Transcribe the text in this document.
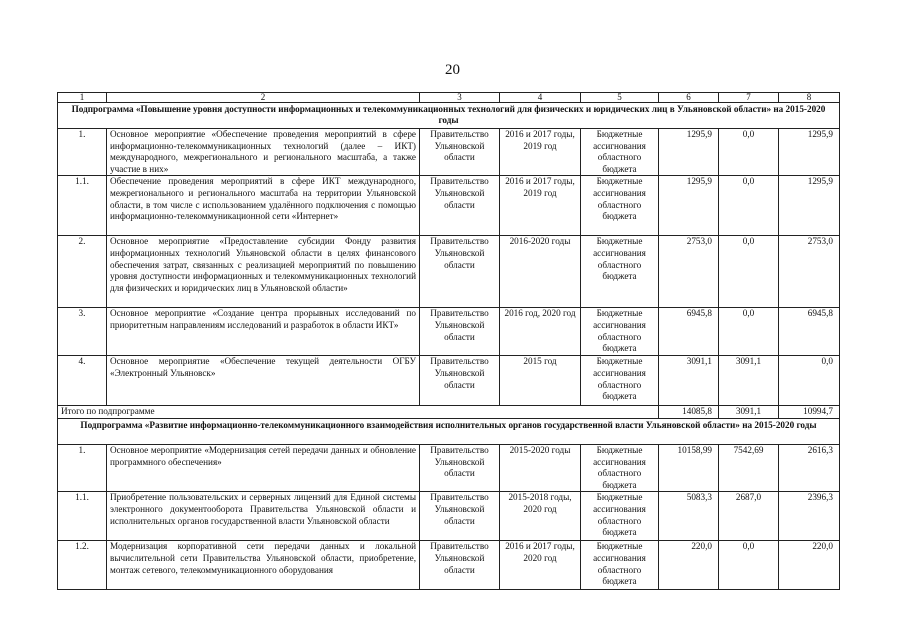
20
1	2	3	4	5	6	7	8
Подпрограмма «Повышение уровня доступности информационных и телекоммуникационных технологий для физических и юридических лиц в Ульяновской области» на 2015-2020 годы							
1.	Основное мероприятие «Обеспечение проведения мероприятий в сфере информационно-телекоммуникационных технологий (далее – ИКТ) международного, межрегионального и регионального масштаба, а также участие в них»	Правительство Ульяновской области	2016 и 2017 годы, 2019 год	Бюджетные ассигнования областного бюджета	1295,9	0,0	1295,9
1.1.	Обеспечение проведения мероприятий в сфере ИКТ международного, межрегионального и регионального масштаба на территории Ульяновской области, в том числе с использованием удалённого подключения с помощью информационно-телекоммуникационной сети «Интернет»	Правительство Ульяновской области	2016 и 2017 годы, 2019 год	Бюджетные ассигнования областного бюджета	1295,9	0,0	1295,9
2.	Основное мероприятие «Предоставление субсидии Фонду развития информационных технологий Ульяновской области в целях финансового обеспечения затрат, связанных с реализацией мероприятий по повышению уровня доступности информационных и телекоммуникационных технологий для физических и юридических лиц в Ульяновской области»	Правительство Ульяновской области	2016-2020 годы	Бюджетные ассигнования областного бюджета	2753,0	0,0	2753,0
3.	Основное мероприятие «Создание центра прорывных исследований по приоритетным направлениям исследований и разработок в области ИКТ»	Правительство Ульяновской области	2016 год, 2020 год	Бюджетные ассигнования областного бюджета	6945,8	0,0	6945,8
4.	Основное мероприятие «Обеспечение текущей деятельности ОГБУ «Электронный Ульяновск»	Правительство Ульяновской области	2015 год	Бюджетные ассигнования областного бюджета	3091,1	3091,1	0,0
Итого по подпрограмме					14085,8	3091,1	10994,7
Подпрограмма «Развитие информационно-телекоммуникационного взаимодействия исполнительных органов государственной власти Ульяновской области» на 2015-2020 годы							
1.	Основное мероприятие «Модернизация сетей передачи данных и обновление программного обеспечения»	Правительство Ульяновской области	2015-2020 годы	Бюджетные ассигнования областного бюджета	10158,99	7542,69	2616,3
1.1.	Приобретение пользовательских и серверных лицензий для Единой системы электронного документооборота Правительства Ульяновской области и исполнительных органов государственной власти Ульяновской области	Правительство Ульяновской области	2015-2018 годы, 2020 год	Бюджетные ассигнования областного бюджета	5083,3	2687,0	2396,3
1.2.	Модернизация корпоративной сети передачи данных и локальной вычислительной сети Правительства Ульяновской области, приобретение, монтаж сетевого, телекоммуникационного оборудования	Правительство Ульяновской области	2016 и 2017 годы, 2020 год	Бюджетные ассигнования областного бюджета	220,0	0,0	220,0
